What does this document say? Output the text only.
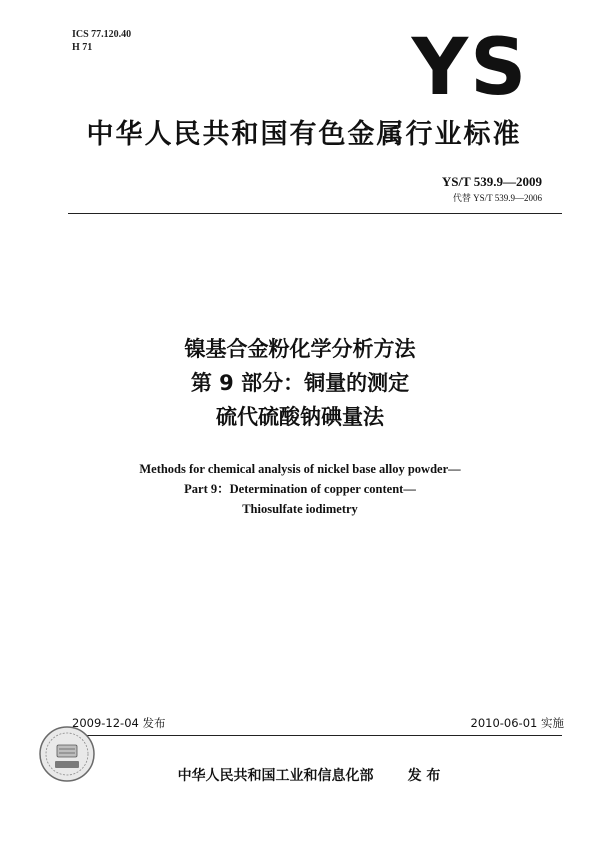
ICS 77.120.40
H 71	YS
中华人民共和国有色金属行业标准
YS/T 539.9—2009
代替 YS/T 539.9—2006
镍基合金粉化学分析方法
第 9 部分：铜量的测定
硫代硫酸钠碘量法
Methods for chemical analysis of nickel base alloy powder—
Part 9：Determination of copper content—
Thiosulfate iodimetry
2009-12-04 发布	2010-06-01 实施
中华人民共和国工业和信息化部 发 布
